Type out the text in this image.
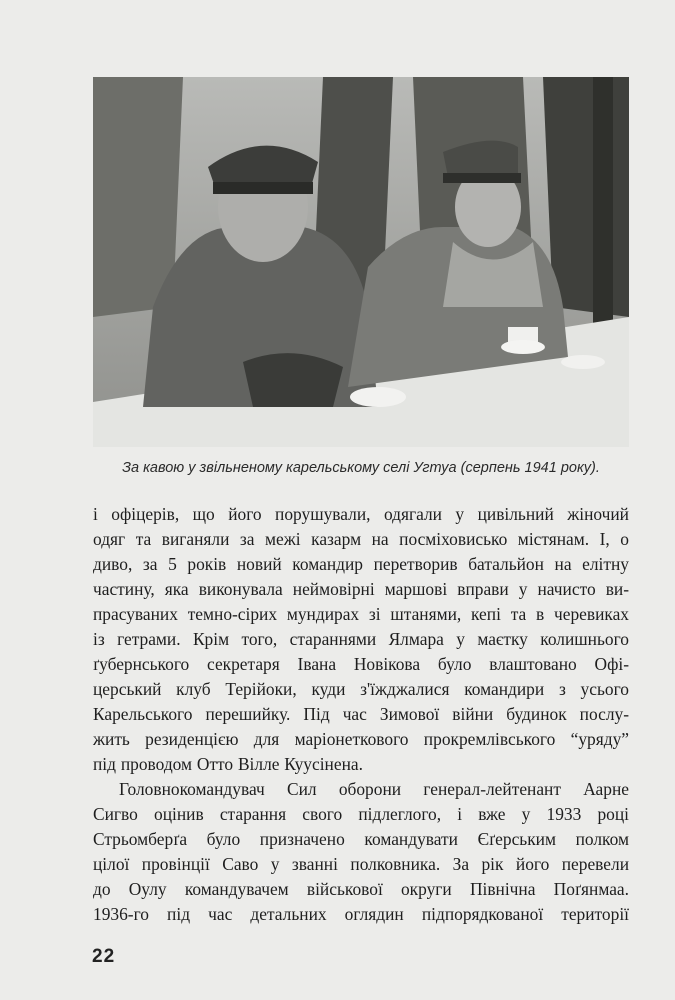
За кавою у звільненому карельському селі Угтуа (серпень 1941 року).

і офіцерів, що його порушували, одягали у цивільний жіночий

одяг та виганяли за межі казарм на посміховисько містянам. І, о

диво, за 5 років новий командир перетворив батальйон на елітну

частину, яка виконувала неймовірні маршові вправи у начисто ви-

прасуваних темно-сірих мундирах зі штанями, кепі та в черевиках

із гетрами. Крім того, стараннями Ялмара у маєтку колишнього

ґубернського секретаря Івана Новікова було влаштовано Офі-

церський клуб Терійоки, куди з'їжджалися командири з усього

Карельського перешийку. Під час Зимової війни будинок послу-

жить резиденцією для маріонеткового прокремлівського “уряду”

під проводом Отто Вілле Куусінена.

Головнокомандувач Сил оборони генерал-лейтенант Аарне

Сигво оцінив старання свого підлеглого, і вже у 1933 році

Стрьомберґа було призначено командувати Єґерським полком

цілої провінції Саво у званні полковника. За рік його перевели

до Оулу командувачем військової округи Північна Поґянмаа.

1936-го під час детальних оглядин підпорядкованої території

22
